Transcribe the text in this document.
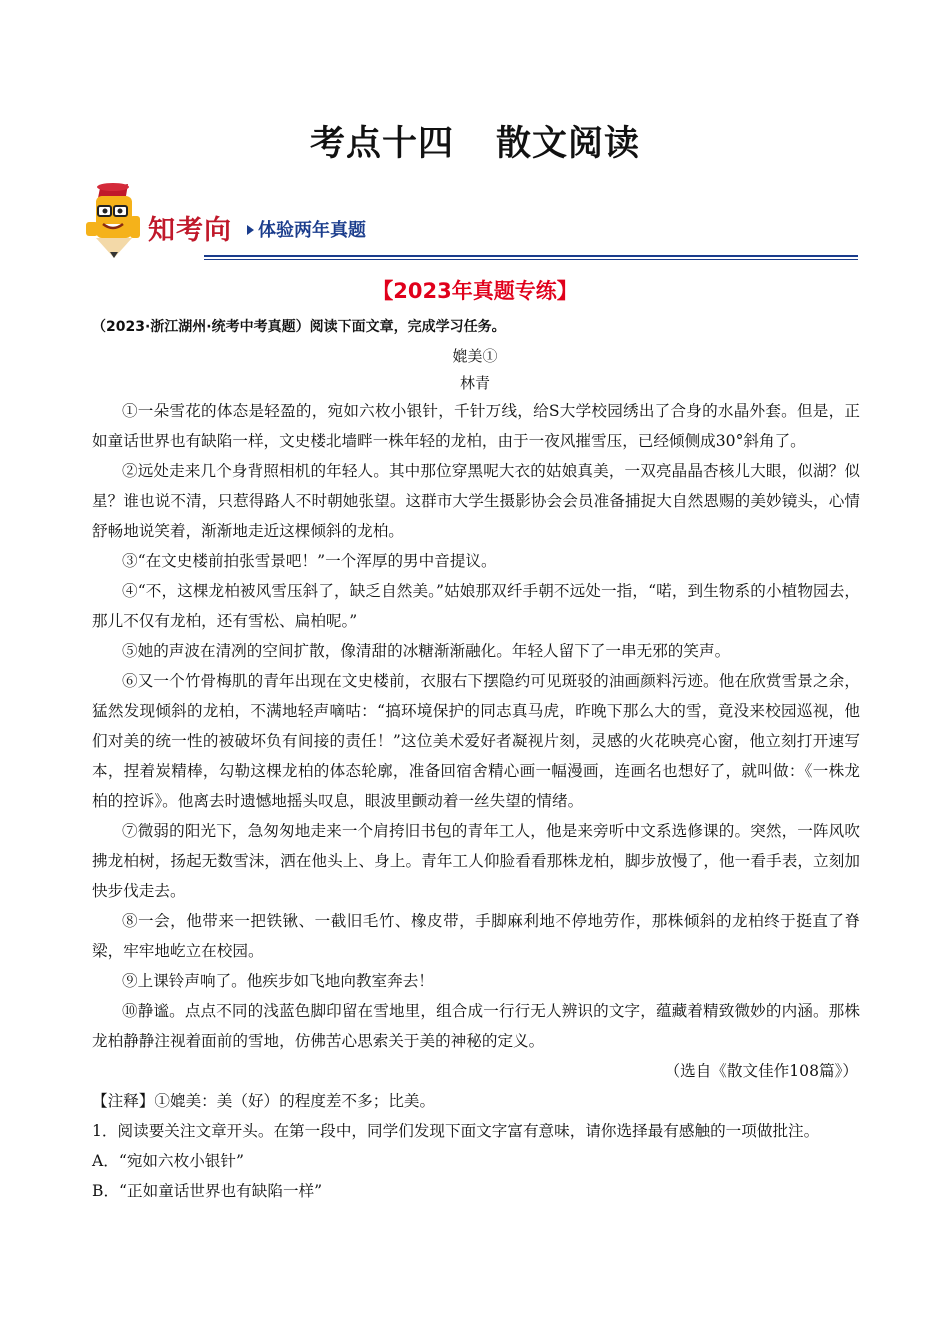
考点十四 散文阅读
知考向 体验两年真题
【2023年真题专练】
（2023·浙江湖州·统考中考真题）阅读下面文章，完成学习任务。
媲美①
林青

①一朵雪花的体态是轻盈的，宛如六枚小银针，千针万线，给S大学校园绣出了合身的水晶外套。但是，正如童话世界也有缺陷一样，文史楼北墙畔一株年轻的龙柏，由于一夜风摧雪压，已经倾侧成30°斜角了。

②远处走来几个身背照相机的年轻人。其中那位穿黑呢大衣的姑娘真美，一双亮晶晶杏核儿大眼，似湖？似星？谁也说不清，只惹得路人不时朝她张望。这群市大学生摄影协会会员准备捕捉大自然恩赐的美妙镜头，心情舒畅地说笑着，渐渐地走近这棵倾斜的龙柏。

③“在文史楼前拍张雪景吧！”一个浑厚的男中音提议。

④“不，这棵龙柏被风雪压斜了，缺乏自然美。”姑娘那双纤手朝不远处一指，“喏，到生物系的小植物园去，那儿不仅有龙柏，还有雪松、扁柏呢。”

⑤她的声波在清冽的空间扩散，像清甜的冰糖渐渐融化。年轻人留下了一串无邪的笑声。

⑥又一个竹骨梅肌的青年出现在文史楼前，衣服右下摆隐约可见斑驳的油画颜料污迹。他在欣赏雪景之余，猛然发现倾斜的龙柏，不满地轻声嘀咕：“搞环境保护的同志真马虎，昨晚下那么大的雪，竟没来校园巡视，他们对美的统一性的被破坏负有间接的责任！”这位美术爱好者凝视片刻，灵感的火花映亮心窗，他立刻打开速写本，捏着炭精棒，勾勒这棵龙柏的体态轮廓，准备回宿舍精心画一幅漫画，连画名也想好了，就叫做：《一株龙柏的控诉》。他离去时遗憾地摇头叹息，眼波里颤动着一丝失望的情绪。

⑦微弱的阳光下，急匆匆地走来一个肩挎旧书包的青年工人，他是来旁听中文系选修课的。突然，一阵风吹拂龙柏树，扬起无数雪沫，洒在他头上、身上。青年工人仰脸看看那株龙柏，脚步放慢了，他一看手表，立刻加快步伐走去。

⑧一会，他带来一把铁锹、一截旧毛竹、橡皮带，手脚麻利地不停地劳作，那株倾斜的龙柏终于挺直了脊梁，牢牢地屹立在校园。

⑨上课铃声响了。他疾步如飞地向教室奔去！

⑩静谧。点点不同的浅蓝色脚印留在雪地里，组合成一行行无人辨识的文字，蕴藏着精致微妙的内涵。那株龙柏静静注视着面前的雪地，仿佛苦心思索关于美的神秘的定义。

（选自《散文佳作108篇》）

【注释】①媲美：美（好）的程度差不多；比美。

1．阅读要关注文章开头。在第一段中，同学们发现下面文字富有意味，请你选择最有感触的一项做批注。

A．“宛如六枚小银针”

B．“正如童话世界也有缺陷一样”
